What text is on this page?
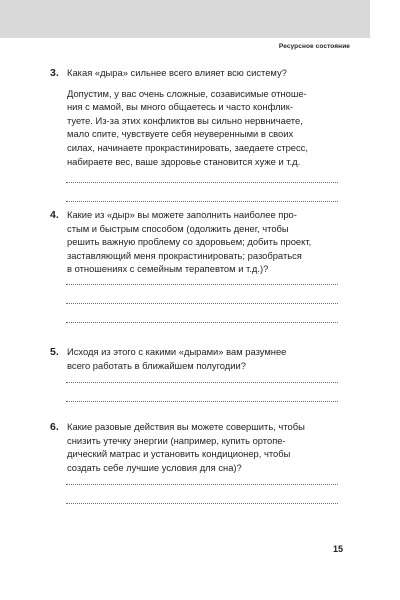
Ресурсное состояние
3. Какая «дыра» сильнее всего влияет всю систему?
Допустим, у вас очень сложные, созависимые отноше-
ния с мамой, вы много общаетесь и часто конфлик-
туете. Из-за этих конфликтов вы сильно нервничаете,
мало спите, чувствуете себя неуверенными в своих
силах, начинаете прокрастинировать, заедаете стресс,
набираете вес, ваше здоровье становится хуже и т.д.
4. Какие из «дыр» вы можете заполнить наиболее про-
стым и быстрым способом (одолжить денег, чтобы
решить важную проблему со здоровьем; добить проект,
заставляющий меня прокрастинировать; разобраться
в отношениях с семейным терапевтом и т.д.)?
5. Исходя из этого с какими «дырами» вам разумнее
всего работать в ближайшем полугодии?
6. Какие разовые действия вы можете совершить, чтобы
снизить утечку энергии (например, купить ортопе-
дический матрас и установить кондиционер, чтобы
создать себе лучшие условия для сна)?
15
